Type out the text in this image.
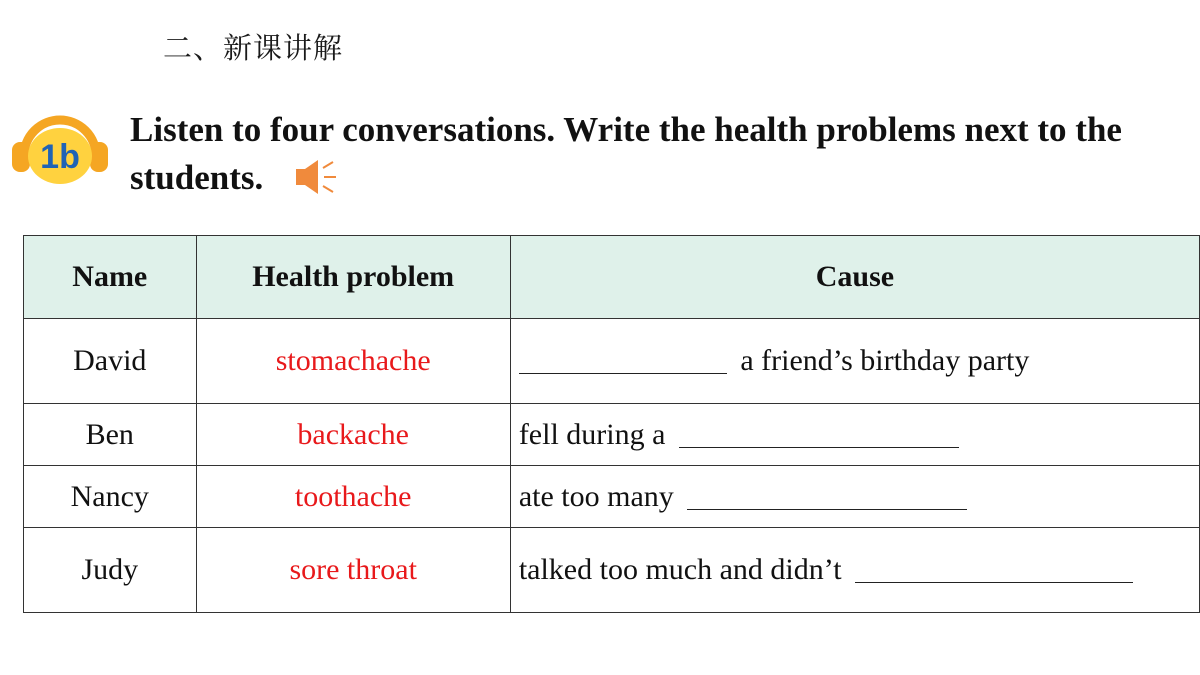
二、新课讲解
1b
Listen to four conversations. Write the health problems next to the students.
Name	Health problem	Cause
David	stomachache	a friend’s birthday party
Ben	backache	fell during a
Nancy	toothache	ate too many
Judy	sore throat	talked too much and didn’t
